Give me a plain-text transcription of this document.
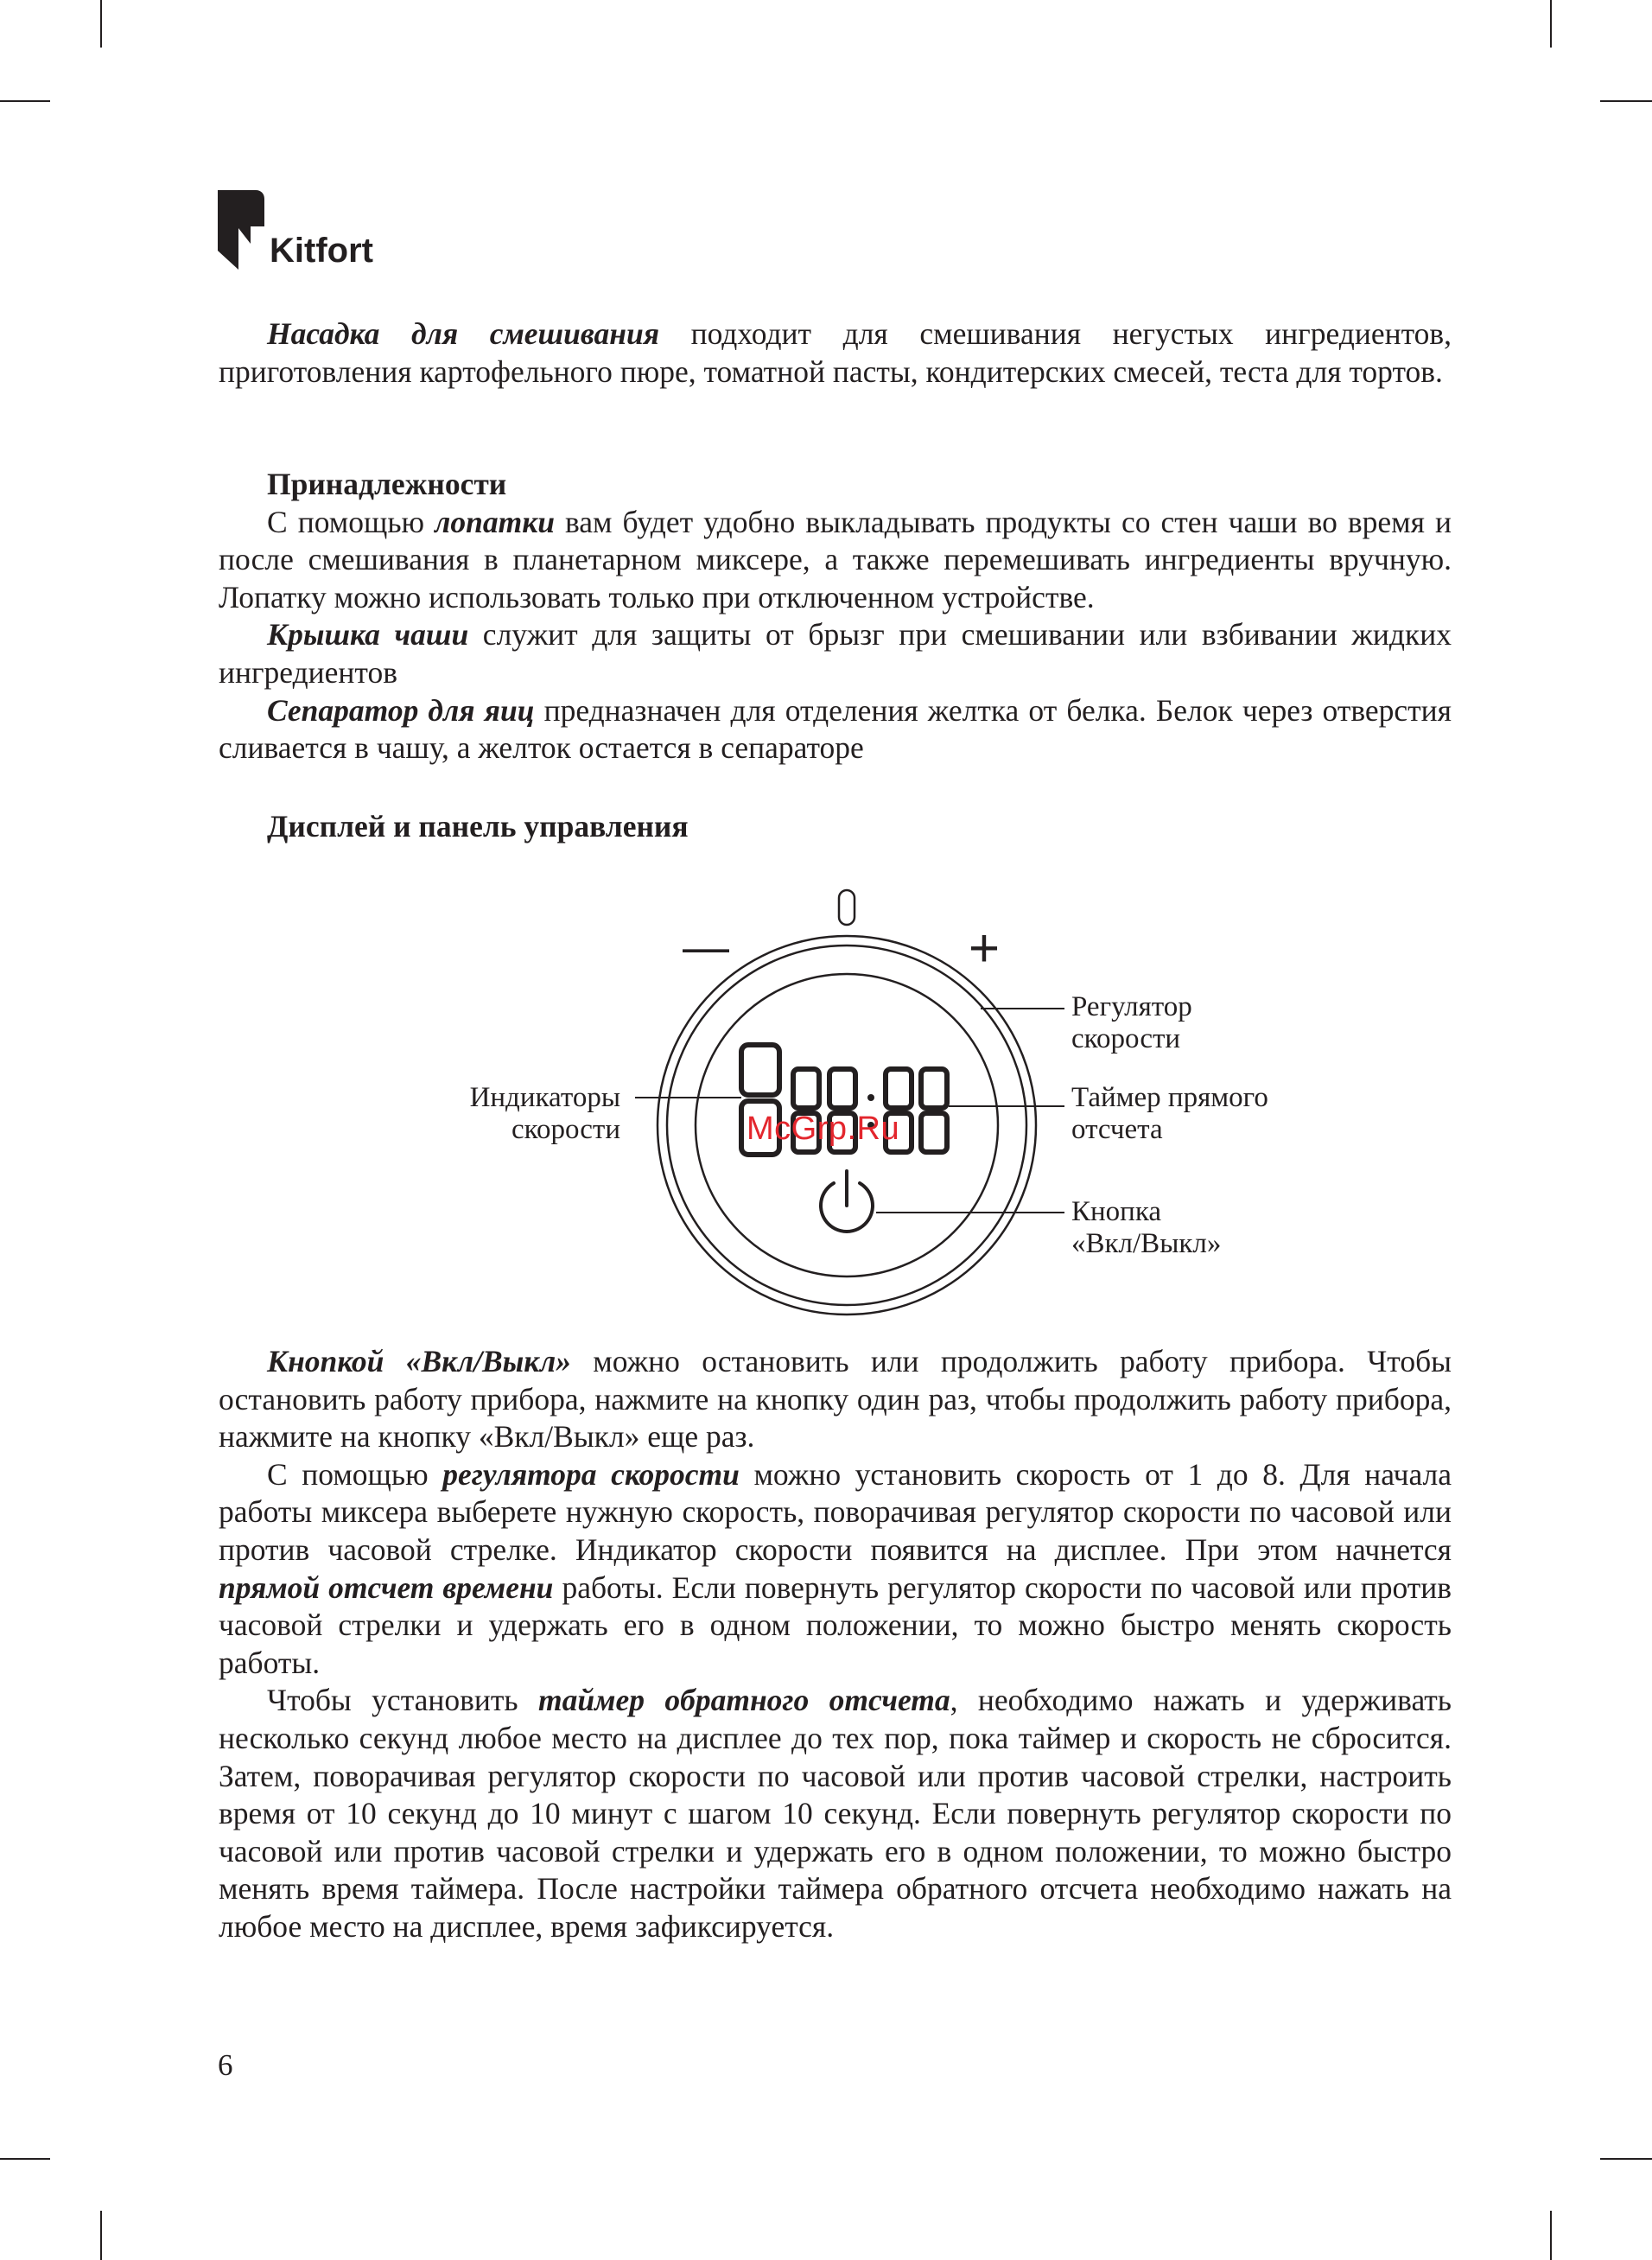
Kitfort

Насадка для смешивания подходит для смешивания негустых ингредиентов, приготовления картофельного пюре, томатной пасты, кондитерских смесей, теста для тортов.

Принадлежности

С помощью лопатки вам будет удобно выкладывать продукты со стен чаши во время и после смешивания в планетарном миксере, а также перемешивать ингредиенты вручную. Лопатку можно использовать только при отключенном устройстве.

Крышка чаши служит для защиты от брызг при смешивании или взбивании жидких ингредиентов

Сепаратор для яиц предназначен для отделения желтка от белка. Белок через отверстия сливается в чашу, а желток остается в сепараторе

Дисплей и панель управления

—	+
Регулятор
скорости
Таймер прямого
отсчета
Индикаторы
скорости
Кнопка
«Вкл/Выкл»
McGrp.Ru

Кнопкой «Вкл/Выкл» можно остановить или продолжить работу прибора. Чтобы остановить работу прибора, нажмите на кнопку один раз, чтобы продолжить работу прибора, нажмите на кнопку «Вкл/Выкл» еще раз.

С помощью регулятора скорости можно установить скорость от 1 до 8. Для начала работы миксера выберете нужную скорость, поворачивая регулятор скорости по часовой или против часовой стрелке. Индикатор скорости появится на дисплее. При этом начнется прямой отсчет времени работы. Если повернуть регулятор скорости по часовой или против часовой стрелки и удержать его в одном положении, то можно быстро менять скорость работы.

Чтобы установить таймер обратного отсчета, необходимо нажать и удерживать несколько секунд любое место на дисплее до тех пор, пока таймер и скорость не сбросится. Затем, поворачивая регулятор скорости по часовой или против часовой стрелки, настроить время от 10 секунд до 10 минут с шагом 10 секунд. Если повернуть регулятор скорости по часовой или против часовой стрелки и удержать его в одном положении, то можно быстро менять время таймера. После настройки таймера обратного отсчета необходимо нажать на любое место на дисплее, время зафиксируется.

6
